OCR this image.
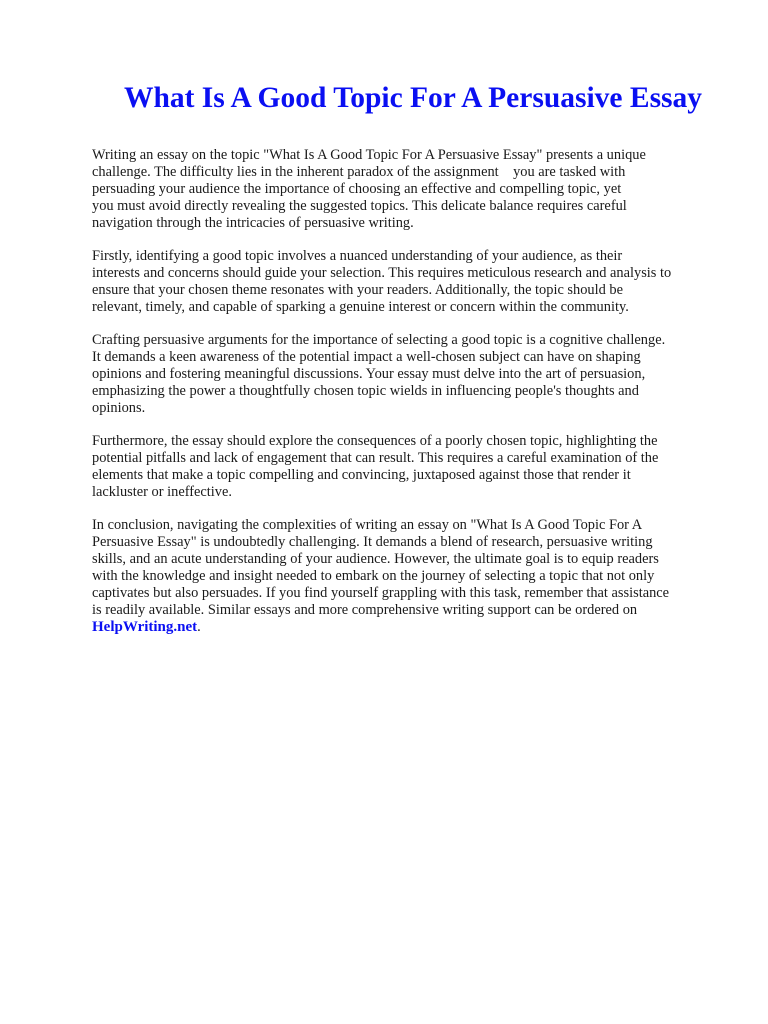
What Is A Good Topic For A Persuasive Essay

Writing an essay on the topic "What Is A Good Topic For A Persuasive Essay" presents a unique
challenge. The difficulty lies in the inherent paradox of the assignment    you are tasked with
persuading your audience the importance of choosing an effective and compelling topic, yet
you must avoid directly revealing the suggested topics. This delicate balance requires careful
navigation through the intricacies of persuasive writing.

Firstly, identifying a good topic involves a nuanced understanding of your audience, as their
interests and concerns should guide your selection. This requires meticulous research and analysis to
ensure that your chosen theme resonates with your readers. Additionally, the topic should be
relevant, timely, and capable of sparking a genuine interest or concern within the community.

Crafting persuasive arguments for the importance of selecting a good topic is a cognitive challenge.
It demands a keen awareness of the potential impact a well-chosen subject can have on shaping
opinions and fostering meaningful discussions. Your essay must delve into the art of persuasion,
emphasizing the power a thoughtfully chosen topic wields in influencing people's thoughts and
opinions.

Furthermore, the essay should explore the consequences of a poorly chosen topic, highlighting the
potential pitfalls and lack of engagement that can result. This requires a careful examination of the
elements that make a topic compelling and convincing, juxtaposed against those that render it
lackluster or ineffective.

In conclusion, navigating the complexities of writing an essay on "What Is A Good Topic For A
Persuasive Essay" is undoubtedly challenging. It demands a blend of research, persuasive writing
skills, and an acute understanding of your audience. However, the ultimate goal is to equip readers
with the knowledge and insight needed to embark on the journey of selecting a topic that not only
captivates but also persuades. If you find yourself grappling with this task, remember that assistance
is readily available. Similar essays and more comprehensive writing support can be ordered on
HelpWriting.net.
